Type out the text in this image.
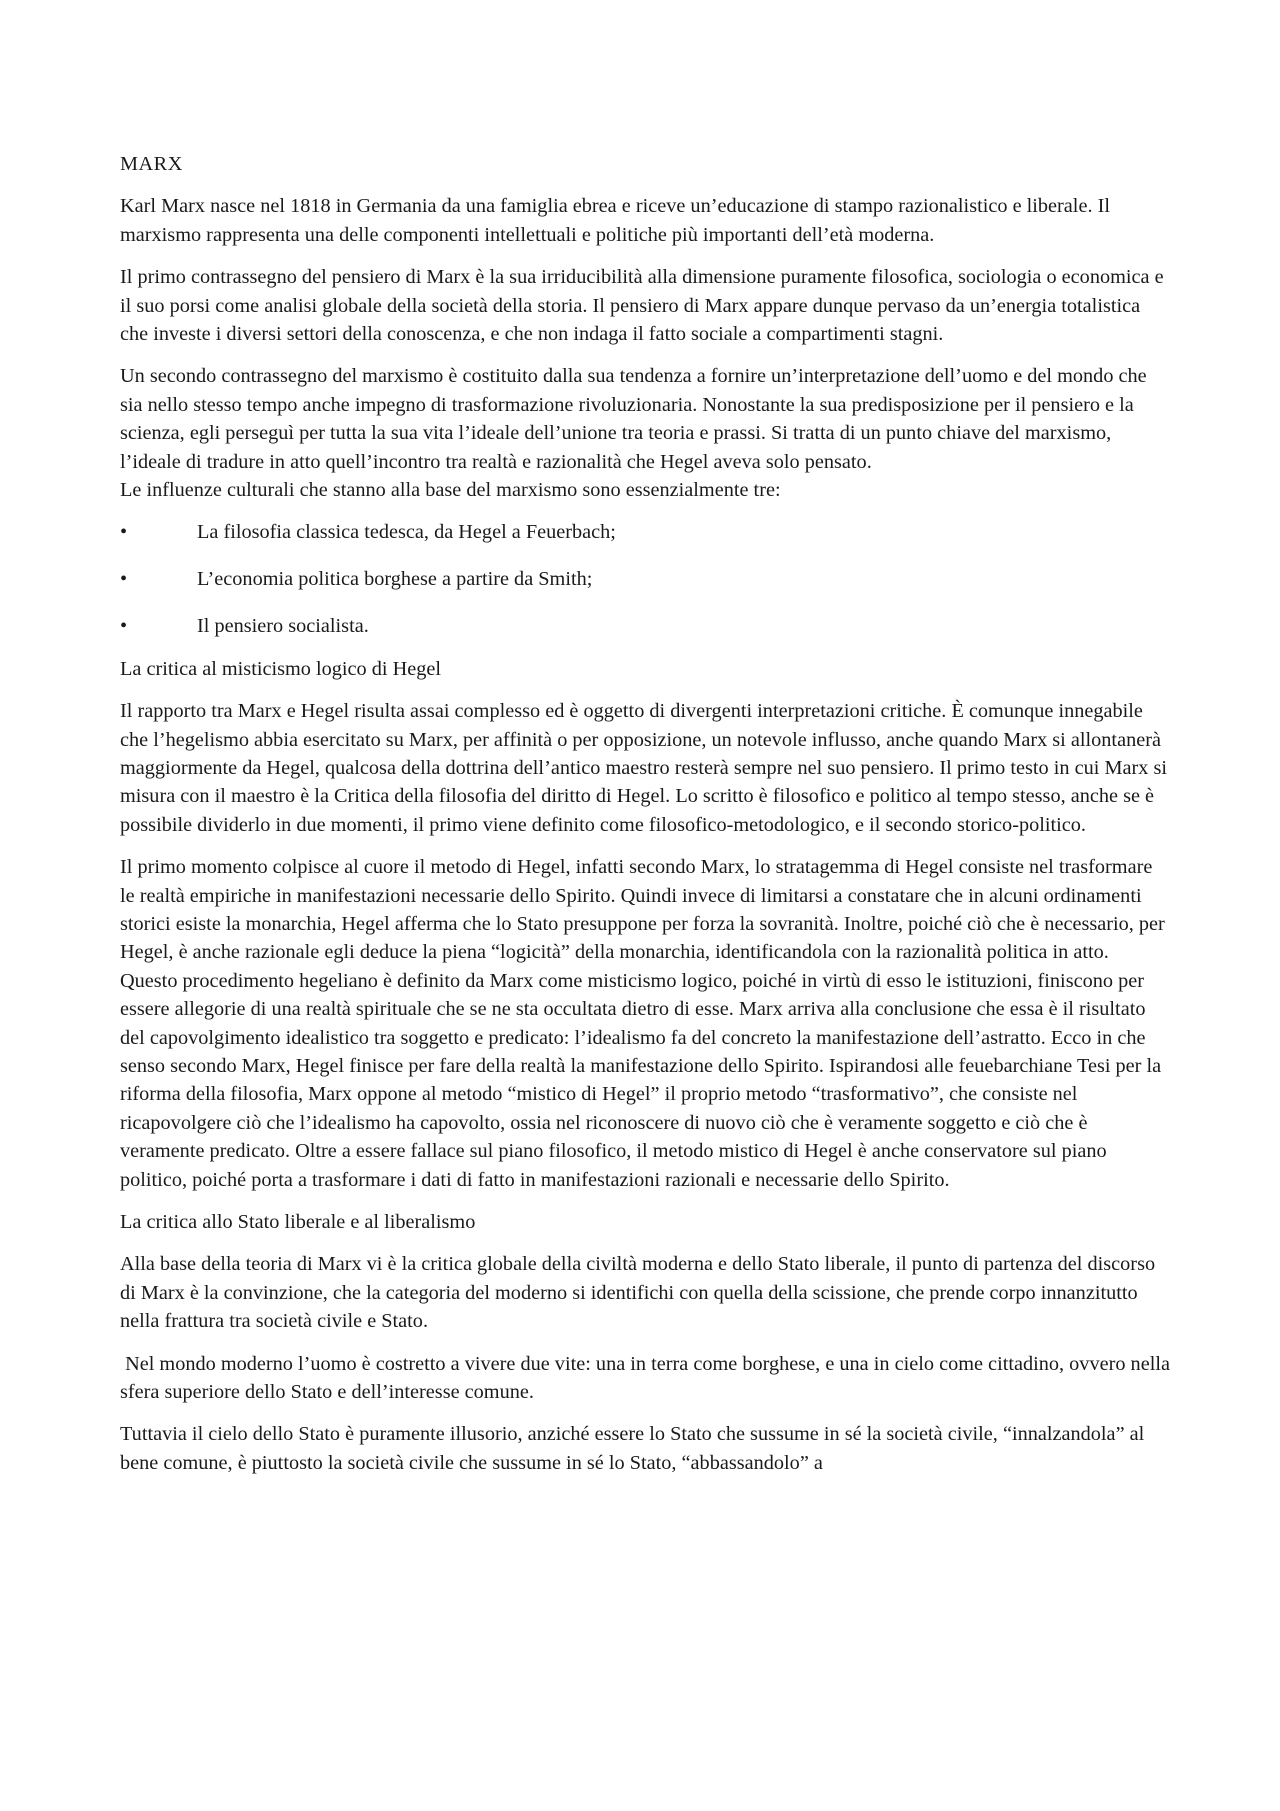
MARX

Karl Marx nasce nel 1818 in Germania da una famiglia ebrea e riceve un’educazione di stampo razionalistico e liberale. Il marxismo rappresenta una delle componenti intellettuali e politiche più importanti dell’età moderna.

Il primo contrassegno del pensiero di Marx è la sua irriducibilità alla dimensione puramente filosofica, sociologia o economica e il suo porsi come analisi globale della società della storia. Il pensiero di Marx appare dunque pervaso da un’energia totalistica che investe i diversi settori della conoscenza, e che non indaga il fatto sociale a compartimenti stagni.

Un secondo contrassegno del marxismo è costituito dalla sua tendenza a fornire un’interpretazione dell’uomo e del mondo che sia nello stesso tempo anche impegno di trasformazione rivoluzionaria. Nonostante la sua predisposizione per il pensiero e la scienza, egli perseguì per tutta la sua vita l’ideale dell’unione tra teoria e prassi. Si tratta di un punto chiave del marxismo, l’ideale di tradure in atto quell’incontro tra realtà e razionalità che Hegel aveva solo pensato.

Le influenze culturali che stanno alla base del marxismo sono essenzialmente tre:

•	La filosofia classica tedesca, da Hegel a Feuerbach;
•	L’economia politica borghese a partire da Smith;
•	Il pensiero socialista.

La critica al misticismo logico di Hegel

Il rapporto tra Marx e Hegel risulta assai complesso ed è oggetto di divergenti interpretazioni critiche. È comunque innegabile che l’hegelismo abbia esercitato su Marx, per affinità o per opposizione, un notevole influsso, anche quando Marx si allontanerà maggiormente da Hegel, qualcosa della dottrina dell’antico maestro resterà sempre nel suo pensiero. Il primo testo in cui Marx si misura con il maestro è la Critica della filosofia del diritto di Hegel. Lo scritto è filosofico e politico al tempo stesso, anche se è possibile dividerlo in due momenti, il primo viene definito come filosofico-metodologico, e il secondo storico-politico.

Il primo momento colpisce al cuore il metodo di Hegel, infatti secondo Marx, lo stratagemma di Hegel consiste nel trasformare le realtà empiriche in manifestazioni necessarie dello Spirito. Quindi invece di limitarsi a constatare che in alcuni ordinamenti storici esiste la monarchia, Hegel afferma che lo Stato presuppone per forza la sovranità. Inoltre, poiché ciò che è necessario, per Hegel, è anche razionale egli deduce la piena “logicità” della monarchia, identificandola con la razionalità politica in atto. Questo procedimento hegeliano è definito da Marx come misticismo logico, poiché in virtù di esso le istituzioni, finiscono per essere allegorie di una realtà spirituale che se ne sta occultata dietro di esse. Marx arriva alla conclusione che essa è il risultato del capovolgimento idealistico tra soggetto e predicato: l’idealismo fa del concreto la manifestazione dell’astratto. Ecco in che senso secondo Marx, Hegel finisce per fare della realtà la manifestazione dello Spirito. Ispirandosi alle feuebarchiane Tesi per la riforma della filosofia, Marx oppone al metodo “mistico di Hegel” il proprio metodo “trasformativo”, che consiste nel ricapovolgere ciò che l’idealismo ha capovolto, ossia nel riconoscere di nuovo ciò che è veramente soggetto e ciò che è veramente predicato. Oltre a essere fallace sul piano filosofico, il metodo mistico di Hegel è anche conservatore sul piano politico, poiché porta a trasformare i dati di fatto in manifestazioni razionali e necessarie dello Spirito.

La critica allo Stato liberale e al liberalismo

Alla base della teoria di Marx vi è la critica globale della civiltà moderna e dello Stato liberale, il punto di partenza del discorso di Marx è la convinzione, che la categoria del moderno si identifichi con quella della scissione, che prende corpo innanzitutto nella frattura tra società civile e Stato.

Nel mondo moderno l’uomo è costretto a vivere due vite: una in terra come borghese, e una in cielo come cittadino, ovvero nella sfera superiore dello Stato e dell’interesse comune.

Tuttavia il cielo dello Stato è puramente illusorio, anziché essere lo Stato che sussume in sé la società civile, “innalzandola” al bene comune, è piuttosto la società civile che sussume in sé lo Stato, “abbassandolo” a
